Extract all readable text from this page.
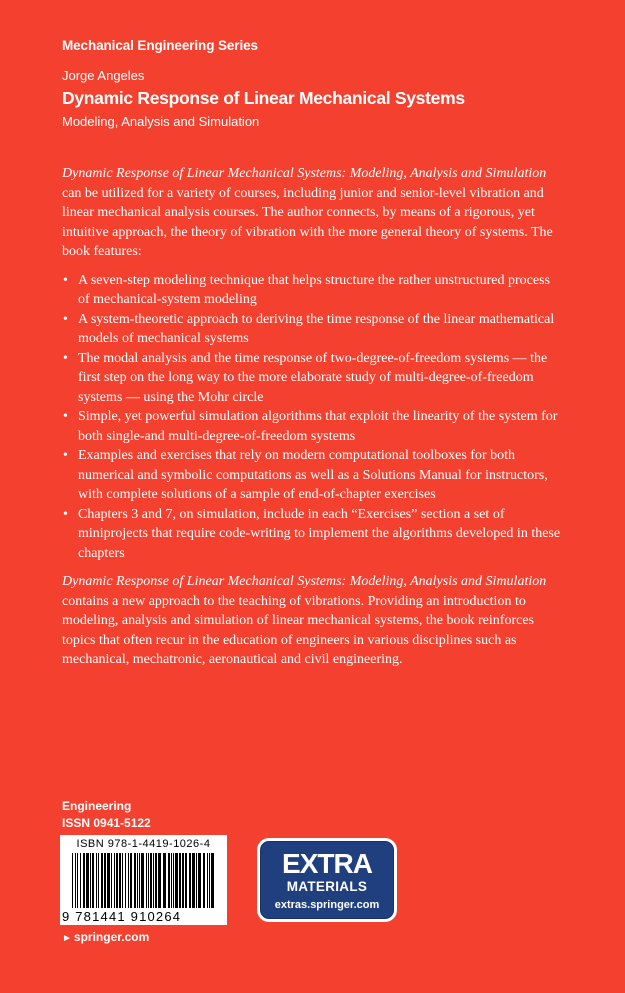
Mechanical Engineering Series
Jorge Angeles
Dynamic Response of Linear Mechanical Systems
Modeling, Analysis and Simulation

Dynamic Response of Linear Mechanical Systems: Modeling, Analysis and Simulation can be utilized for a variety of courses, including junior and senior-level vibration and linear mechanical analysis courses. The author connects, by means of a rigorous, yet intuitive approach, the theory of vibration with the more general theory of systems. The book features:

• A seven-step modeling technique that helps structure the rather unstructured process of mechanical-system modeling
• A system-theoretic approach to deriving the time response of the linear mathematical models of mechanical systems
• The modal analysis and the time response of two-degree-of-freedom systems — the first step on the long way to the more elaborate study of multi-degree-of-freedom systems — using the Mohr circle
• Simple, yet powerful simulation algorithms that exploit the linearity of the system for both single-and multi-degree-of-freedom systems
• Examples and exercises that rely on modern computational toolboxes for both numerical and symbolic computations as well as a Solutions Manual for instructors, with complete solutions of a sample of end-of-chapter exercises
• Chapters 3 and 7, on simulation, include in each “Exercises” section a set of miniprojects that require code-writing to implement the algorithms developed in these chapters

Dynamic Response of Linear Mechanical Systems: Modeling, Analysis and Simulation contains a new approach to the teaching of vibrations. Providing an introduction to modeling, analysis and simulation of linear mechanical systems, the book reinforces topics that often recur in the education of engineers in various disciplines such as mechanical, mechatronic, aeronautical and civil engineering.

Engineering
ISSN 0941-5122
ISBN 978-1-4419-1026-4
9 781441 910264
EXTRA
MATERIALS
extras.springer.com
► springer.com
